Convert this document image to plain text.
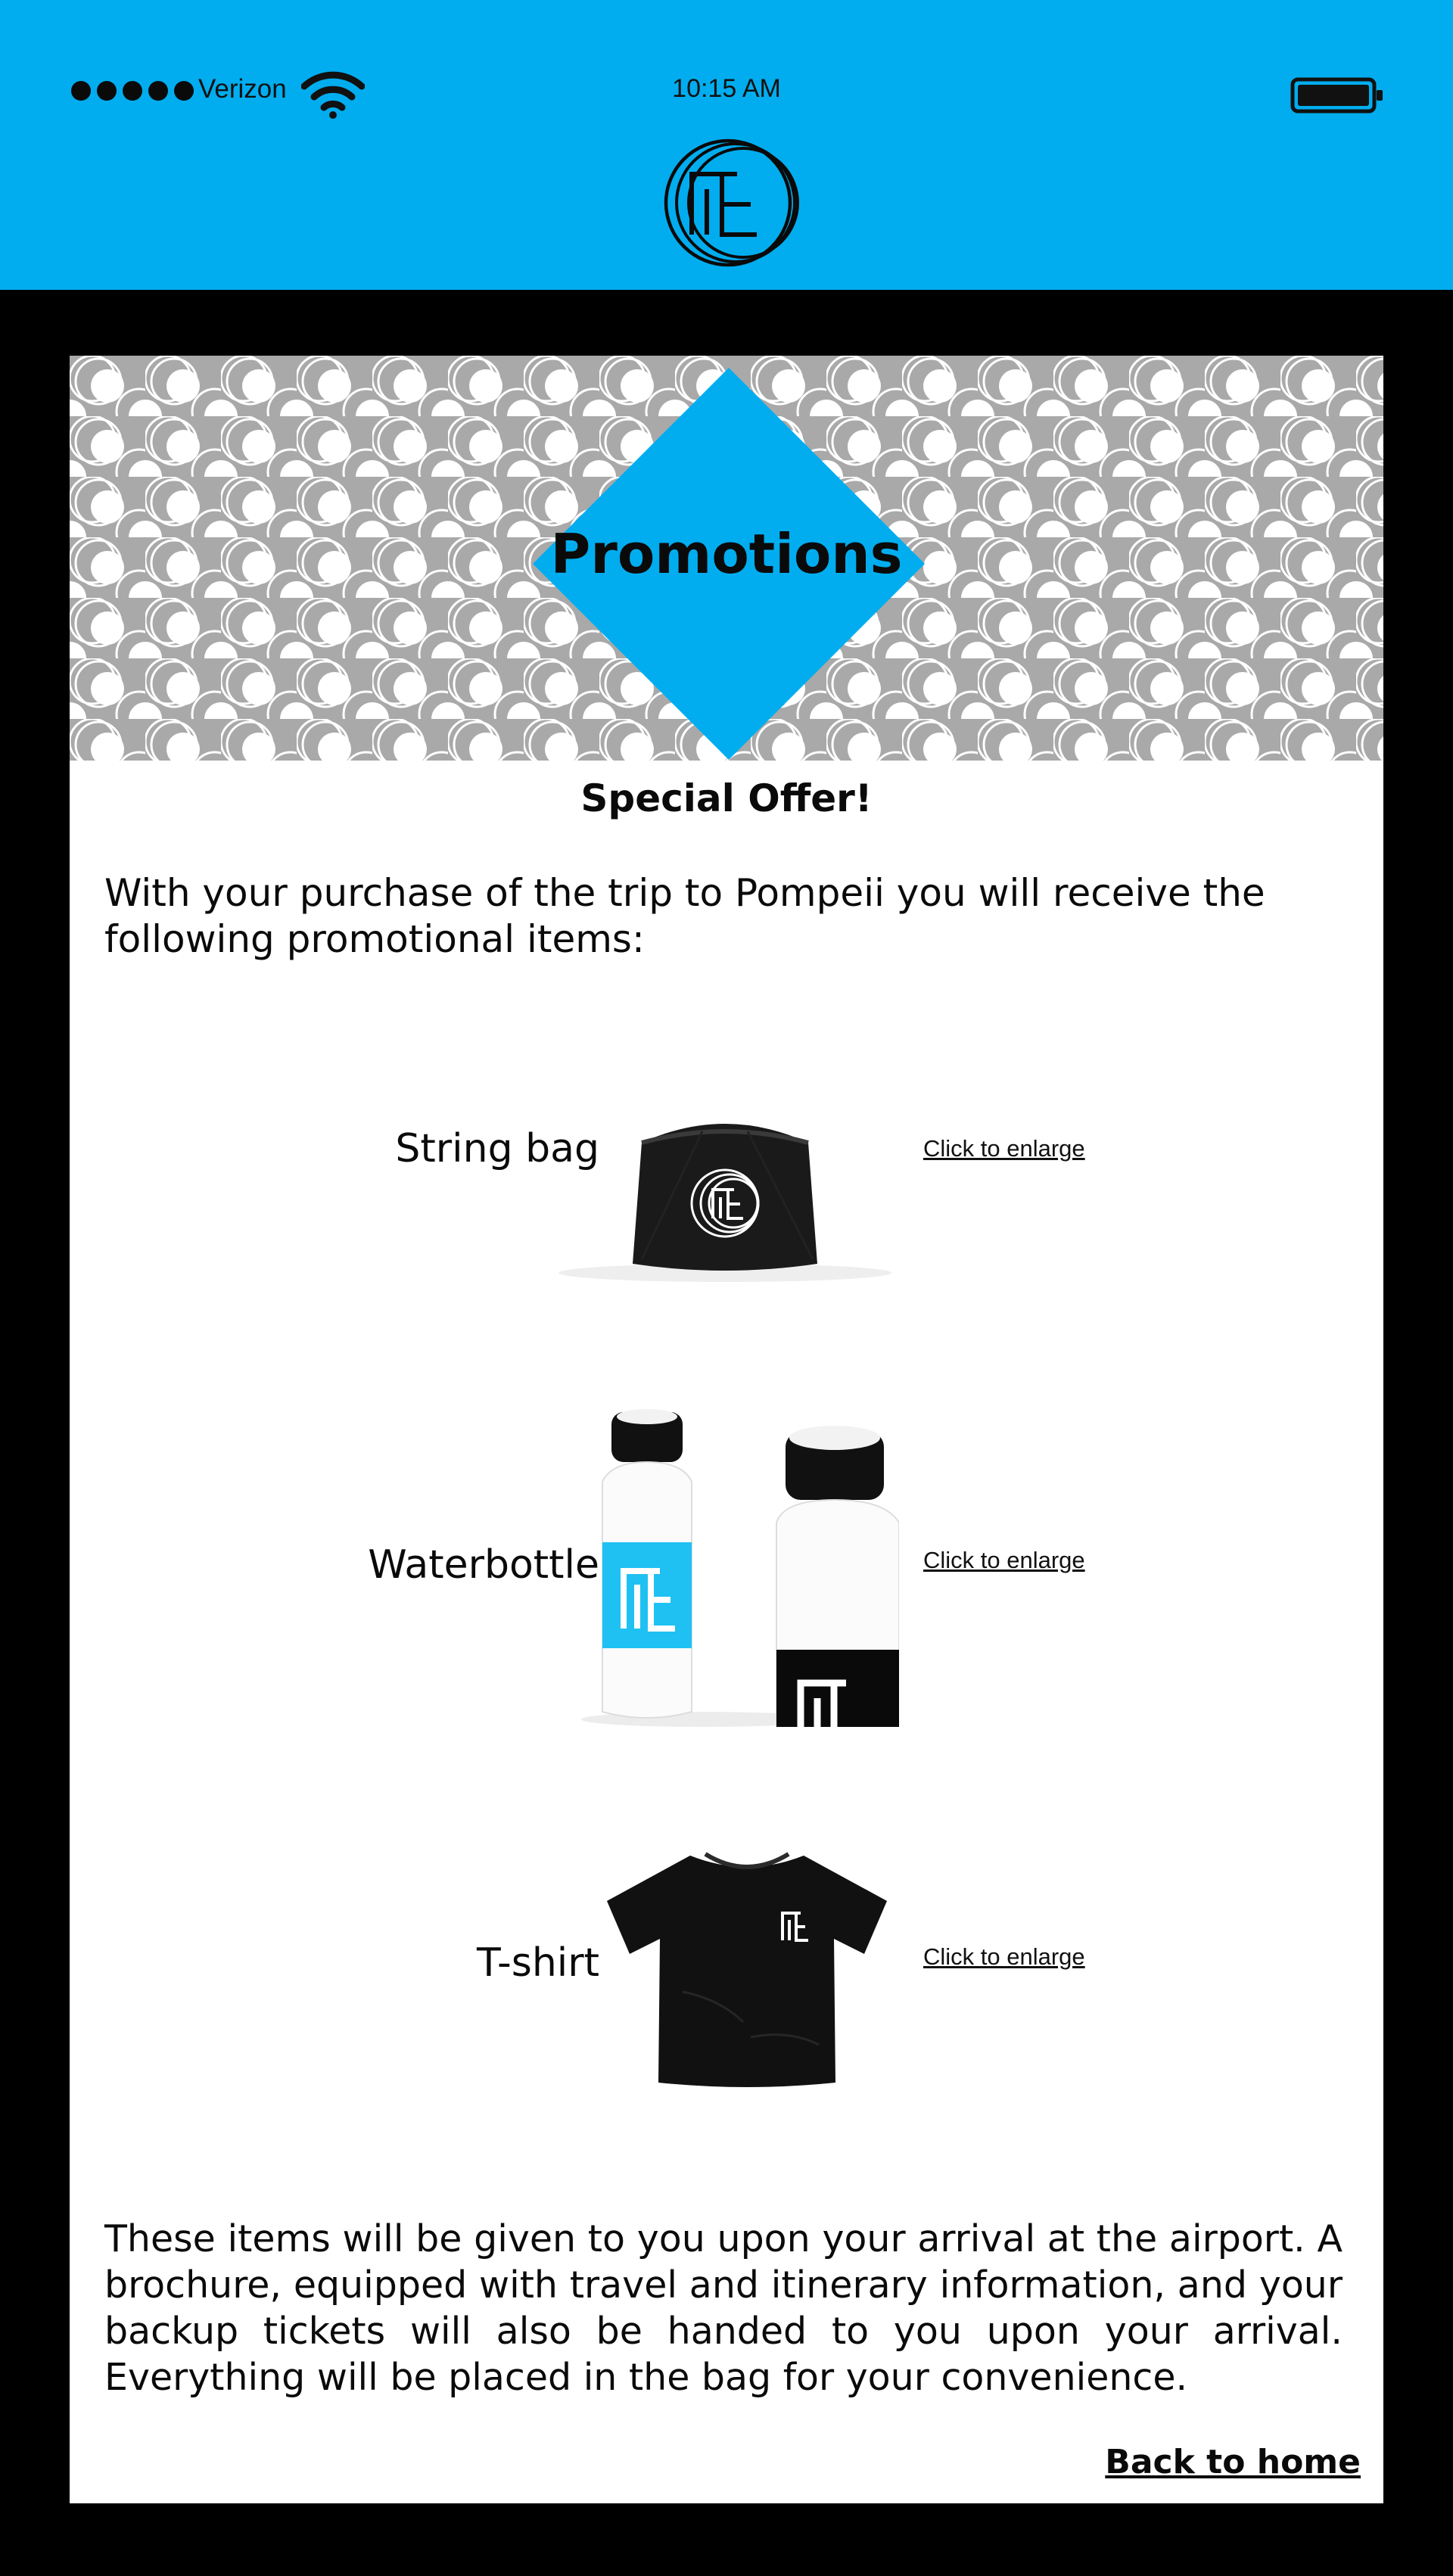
Verizon	10:15 AM
Promotions
Special Offer!
With your purchase of the trip to Pompeii you will receive the following promotional items:
String bag	Click to enlarge
Waterbottle	Click to enlarge
T-shirt	Click to enlarge
These items will be given to you upon your arrival at the airport. A brochure, equipped with travel and itinerary information, and your backup tickets will also be handed to you upon your arrival. Everything will be placed in the bag for your convenience.
Back to home
